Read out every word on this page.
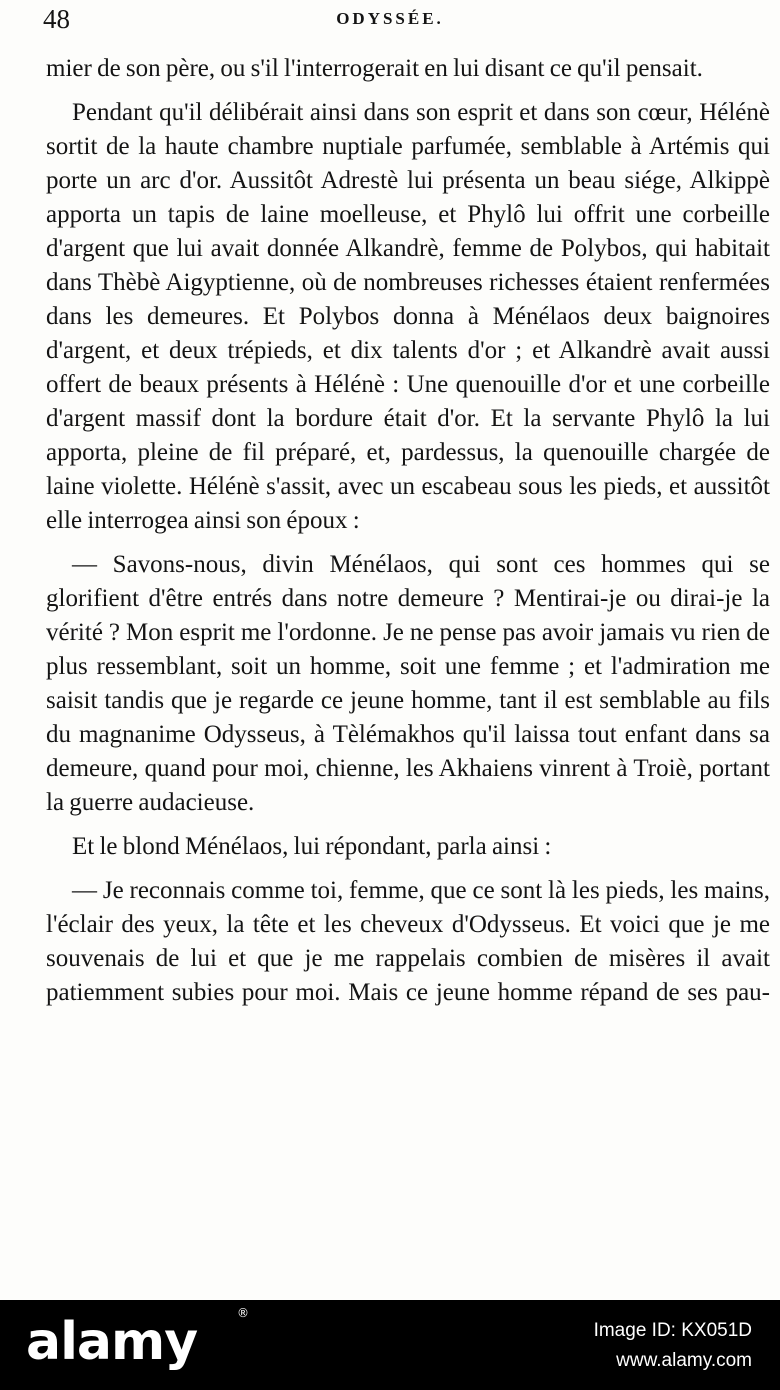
48	ODYSSÉE.

mier de son père, ou s'il l'interrogerait en lui disant ce qu'il pensait.

Pendant qu'il délibérait ainsi dans son esprit et dans son cœur, Hélénè sortit de la haute chambre nuptiale parfumée, semblable à Artémis qui porte un arc d'or. Aussitôt Adrestè lui présenta un beau siége, Alkippè apporta un tapis de laine moelleuse, et Phylô lui offrit une corbeille d'argent que lui avait donnée Alkandrè, femme de Polybos, qui habitait dans Thèbè Aigyptienne, où de nombreuses richesses étaient renfermées dans les demeures. Et Polybos donna à Ménélaos deux baignoires d'argent, et deux trépieds, et dix talents d'or ; et Alkandrè avait aussi offert de beaux présents à Hélénè : Une quenouille d'or et une corbeille d'argent massif dont la bordure était d'or. Et la servante Phylô la lui apporta, pleine de fil préparé, et, pardessus, la quenouille chargée de laine violette. Hélénè s'assit, avec un escabeau sous les pieds, et aussitôt elle interrogea ainsi son époux :

— Savons-nous, divin Ménélaos, qui sont ces hommes qui se glorifient d'être entrés dans notre demeure ? Mentirai-je ou dirai-je la vérité ? Mon esprit me l'ordonne. Je ne pense pas avoir jamais vu rien de plus ressemblant, soit un homme, soit une femme ; et l'admiration me saisit tandis que je regarde ce jeune homme, tant il est semblable au fils du magnanime Odysseus, à Tèlémakhos qu'il laissa tout enfant dans sa demeure, quand pour moi, chienne, les Akhaiens vinrent à Troiè, portant la guerre audacieuse.

Et le blond Ménélaos, lui répondant, parla ainsi :

— Je reconnais comme toi, femme, que ce sont là les pieds, les mains, l'éclair des yeux, la tête et les cheveux d'Odysseus. Et voici que je me souvenais de lui et que je me rappelais combien de misères il avait patiemment subies pour moi. Mais ce jeune homme répand de ses pau-

alamy	®
Image ID: KX051D
www.alamy.com
